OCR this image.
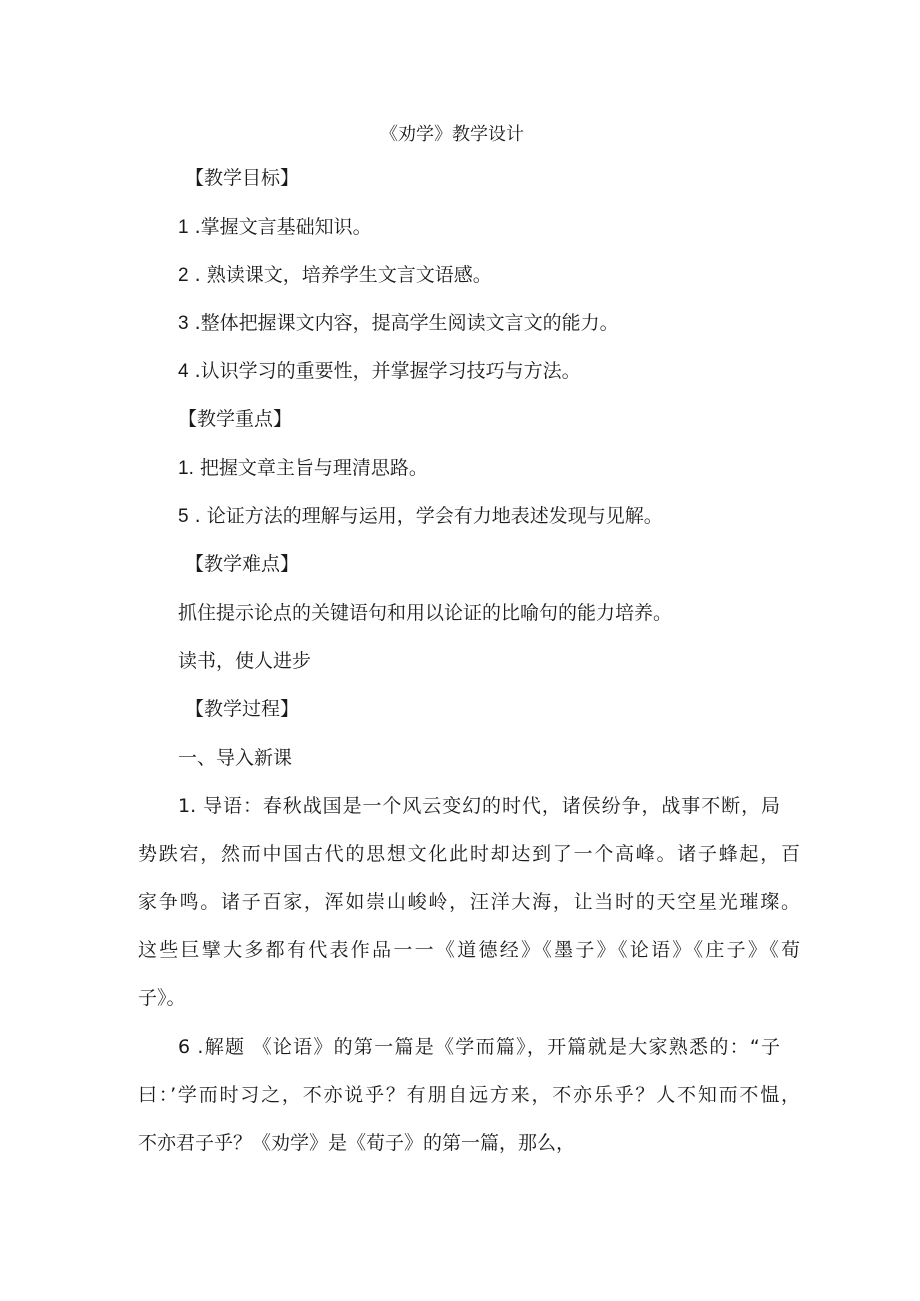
《劝学》教学设计
【教学目标】
1 .掌握文言基础知识。
2 . 熟读课文，培养学生文言文语感。
3 .整体把握课文内容，提高学生阅读文言文的能力。
4 .认识学习的重要性，并掌握学习技巧与方法。
【教学重点】
1. 把握文章主旨与理清思路。
5 . 论证方法的理解与运用，学会有力地表述发现与见解。
【教学难点】
抓住提示论点的关键语句和用以论证的比喻句的能力培养。
读书，使人进步
【教学过程】
一、导入新课
1. 导语：春秋战国是一个风云变幻的时代，诸侯纷争，战事不断，局
势跌宕，然而中国古代的思想文化此时却达到了一个高峰。诸子蜂起，百
家争鸣。诸子百家，浑如崇山峻岭，汪洋大海，让当时的天空星光璀璨。
这些巨擘大多都有代表作品一一《道德经》《墨子》《论语》《庄子》《荀
子》。
6 .解题 《论语》的第一篇是《学而篇》，开篇就是大家熟悉的：“子
曰：’学而时习之，不亦说乎？有朋自远方来，不亦乐乎？人不知而不愠，
不亦君子乎？《劝学》是《荀子》的第一篇，那么，
